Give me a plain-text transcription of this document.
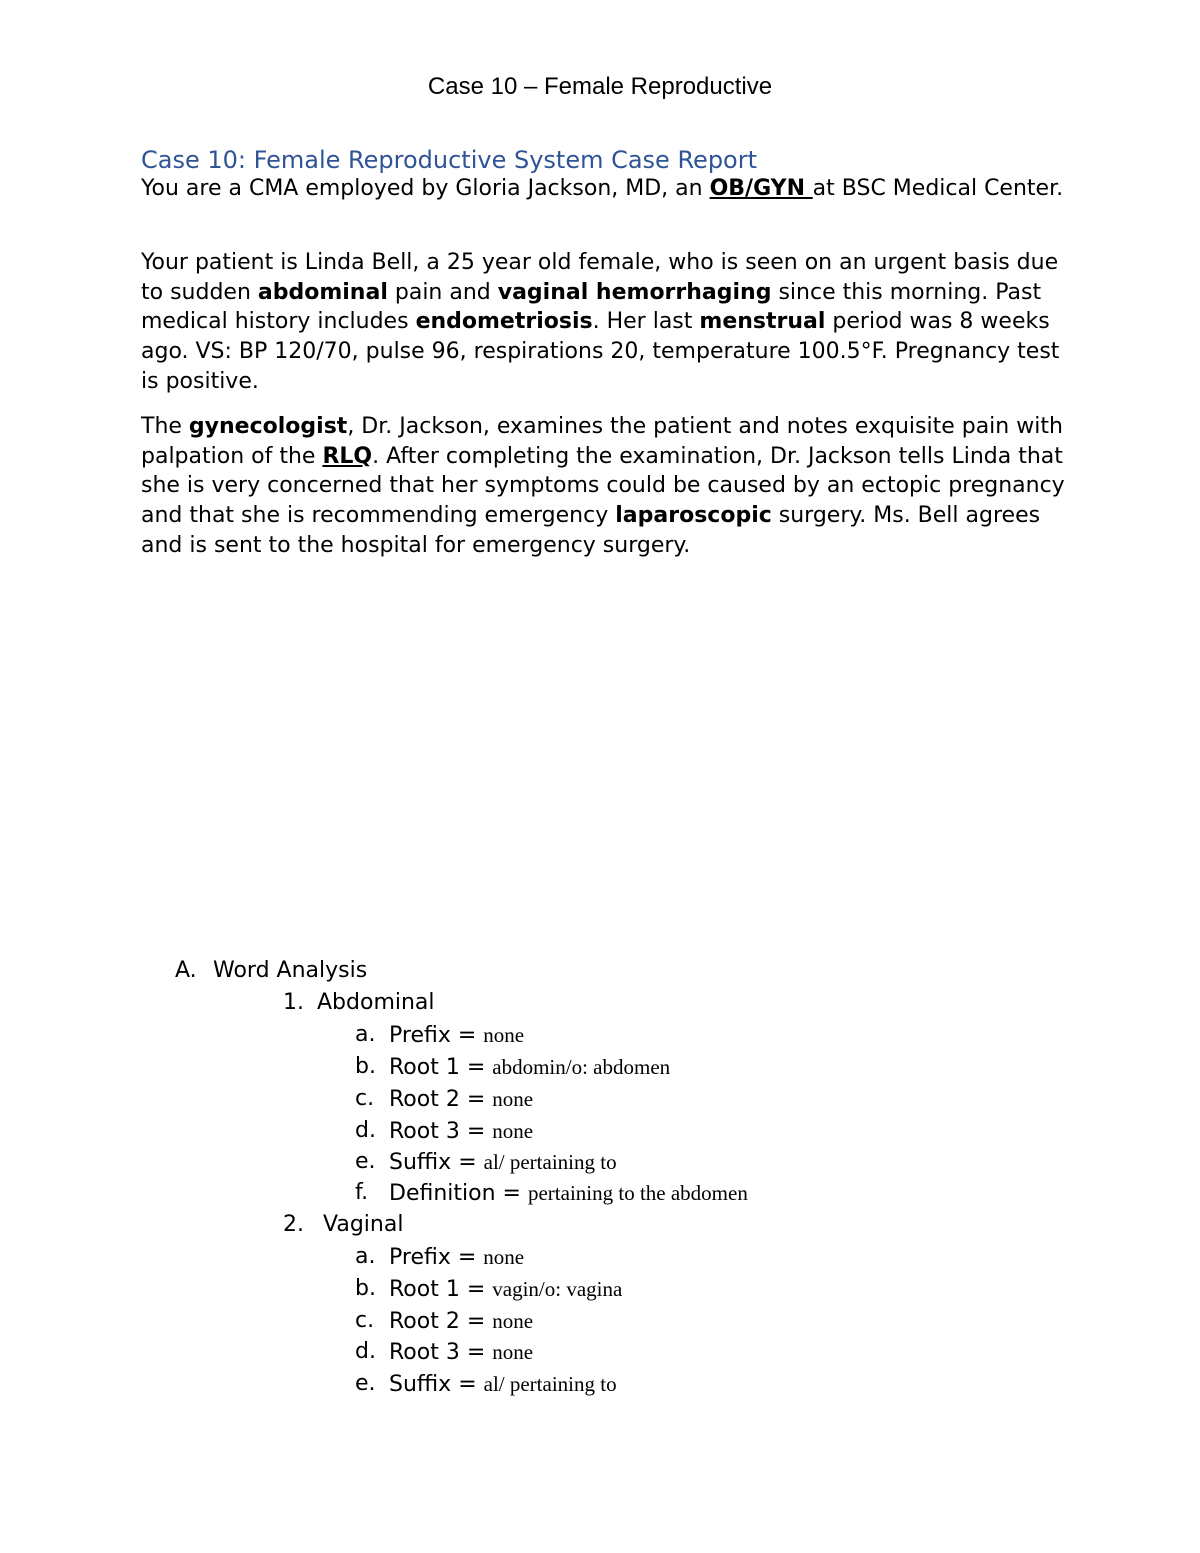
Case 10 – Female Reproductive
Case 10: Female Reproductive System Case Report
You are a CMA employed by Gloria Jackson, MD, an OB/GYN at BSC Medical Center.
Your patient is Linda Bell, a 25 year old female, who is seen on an urgent basis due to sudden abdominal pain and vaginal hemorrhaging since this morning. Past medical history includes endometriosis. Her last menstrual period was 8 weeks ago. VS: BP 120/70, pulse 96, respirations 20, temperature 100.5°F. Pregnancy test is positive.
The gynecologist, Dr. Jackson, examines the patient and notes exquisite pain with palpation of the RLQ. After completing the examination, Dr. Jackson tells Linda that she is very concerned that her symptoms could be caused by an ectopic pregnancy and that she is recommending emergency laparoscopic surgery. Ms. Bell agrees and is sent to the hospital for emergency surgery.
A. Word Analysis
1. Abdominal
a. Prefix = none
b. Root 1 = abdomin/o: abdomen
c. Root 2 = none
d. Root 3 = none
e. Suffix = al/ pertaining to
f. Definition = pertaining to the abdomen
2. Vaginal
a. Prefix = none
b. Root 1 = vagin/o: vagina
c. Root 2 = none
d. Root 3 = none
e. Suffix = al/ pertaining to
